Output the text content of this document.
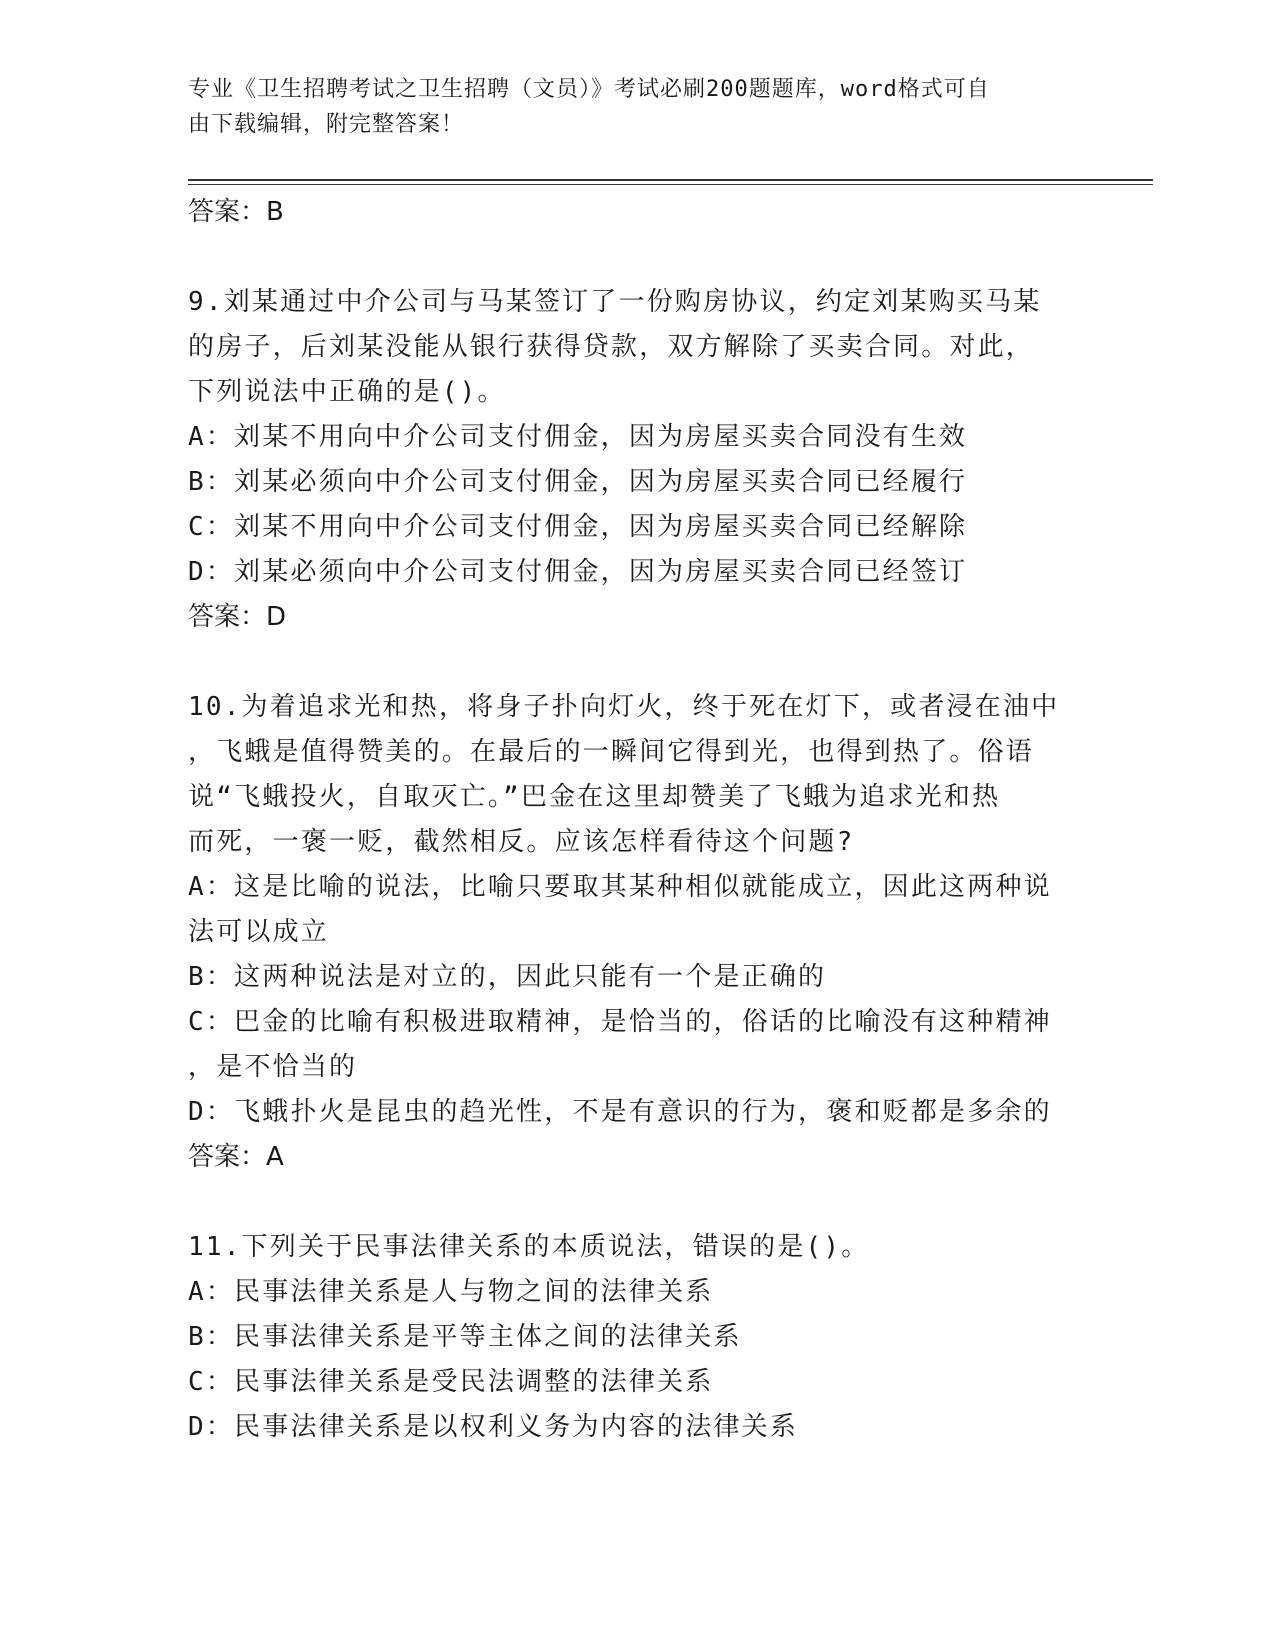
专业《卫生招聘考试之卫生招聘（文员）》考试必刷200题题库，word格式可自
由下载编辑，附完整答案！
答案：B
9.刘某通过中介公司与马某签订了一份购房协议，约定刘某购买马某
的房子，后刘某没能从银行获得贷款，双方解除了买卖合同。对此，
下列说法中正确的是()。
A：刘某不用向中介公司支付佣金，因为房屋买卖合同没有生效
B：刘某必须向中介公司支付佣金，因为房屋买卖合同已经履行
C：刘某不用向中介公司支付佣金，因为房屋买卖合同已经解除
D：刘某必须向中介公司支付佣金，因为房屋买卖合同已经签订
答案：D
10.为着追求光和热，将身子扑向灯火，终于死在灯下，或者浸在油中
，飞蛾是值得赞美的。在最后的一瞬间它得到光，也得到热了。俗语
说“飞蛾投火，自取灭亡。”巴金在这里却赞美了飞蛾为追求光和热
而死，一褒一贬，截然相反。应该怎样看待这个问题?
A：这是比喻的说法，比喻只要取其某种相似就能成立，因此这两种说
法可以成立
B：这两种说法是对立的，因此只能有一个是正确的
C：巴金的比喻有积极进取精神，是恰当的，俗话的比喻没有这种精神
，是不恰当的
D：飞蛾扑火是昆虫的趋光性，不是有意识的行为，褒和贬都是多余的
答案：A
11.下列关于民事法律关系的本质说法，错误的是()。
A：民事法律关系是人与物之间的法律关系
B：民事法律关系是平等主体之间的法律关系
C：民事法律关系是受民法调整的法律关系
D：民事法律关系是以权利义务为内容的法律关系
